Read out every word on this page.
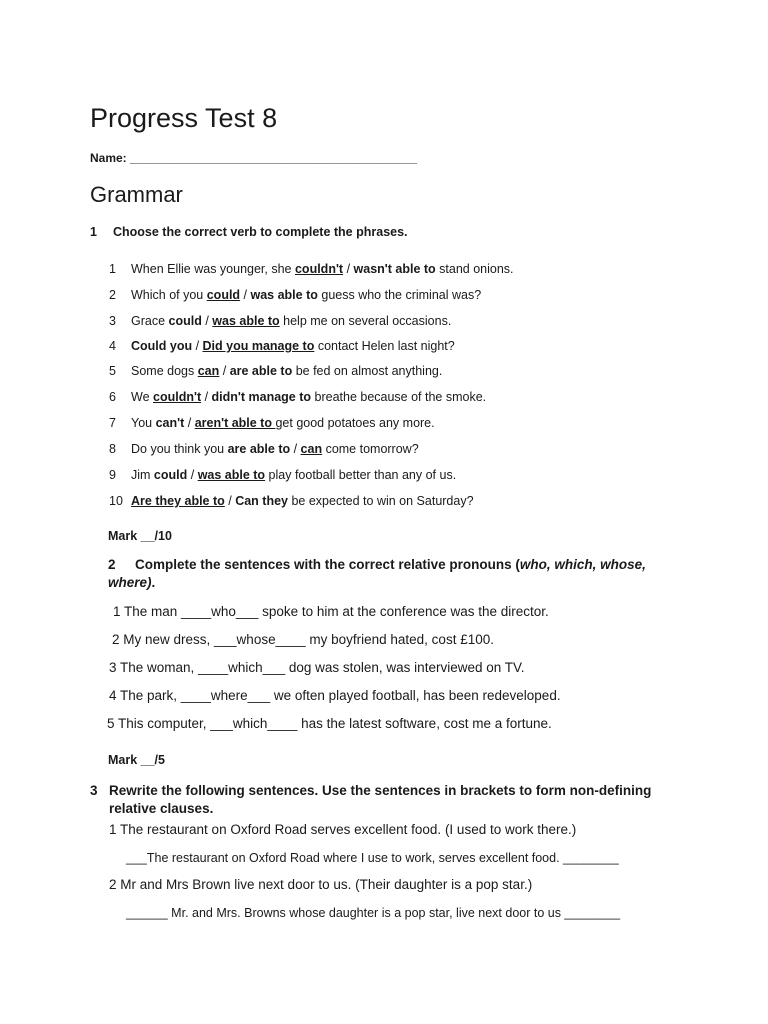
Progress Test 8
Name: ___________________________________________
Grammar
1 Choose the correct verb to complete the phrases.
1 When Ellie was younger, she couldn't / wasn't able to stand onions.
2 Which of you could / was able to guess who the criminal was?
3 Grace could / was able to help me on several occasions.
4 Could you / Did you manage to contact Helen last night?
5 Some dogs can / are able to be fed on almost anything.
6 We couldn't / didn't manage to breathe because of the smoke.
7 You can't / aren't able to get good potatoes any more.
8 Do you think you are able to / can come tomorrow?
9 Jim could / was able to play football better than any of us.
10 Are they able to / Can they be expected to win on Saturday?
Mark __/10
2 Complete the sentences with the correct relative pronouns (who, which, whose, where).
1 The man ____who___ spoke to him at the conference was the director.
2 My new dress, ___whose____ my boyfriend hated, cost £100.
3 The woman, ____which___ dog was stolen, was interviewed on TV.
4 The park, ____where___ we often played football, has been redeveloped.
5 This computer, ___which____ has the latest software, cost me a fortune.
Mark __/5
3 Rewrite the following sentences. Use the sentences in brackets to form non-defining relative clauses.
1 The restaurant on Oxford Road serves excellent food. (I used to work there.)
___The restaurant on Oxford Road where I use to work, serves excellent food. ________
2 Mr and Mrs Brown live next door to us. (Their daughter is a pop star.)
______ Mr. and Mrs. Browns whose daughter is a pop star, live next door to us ________
